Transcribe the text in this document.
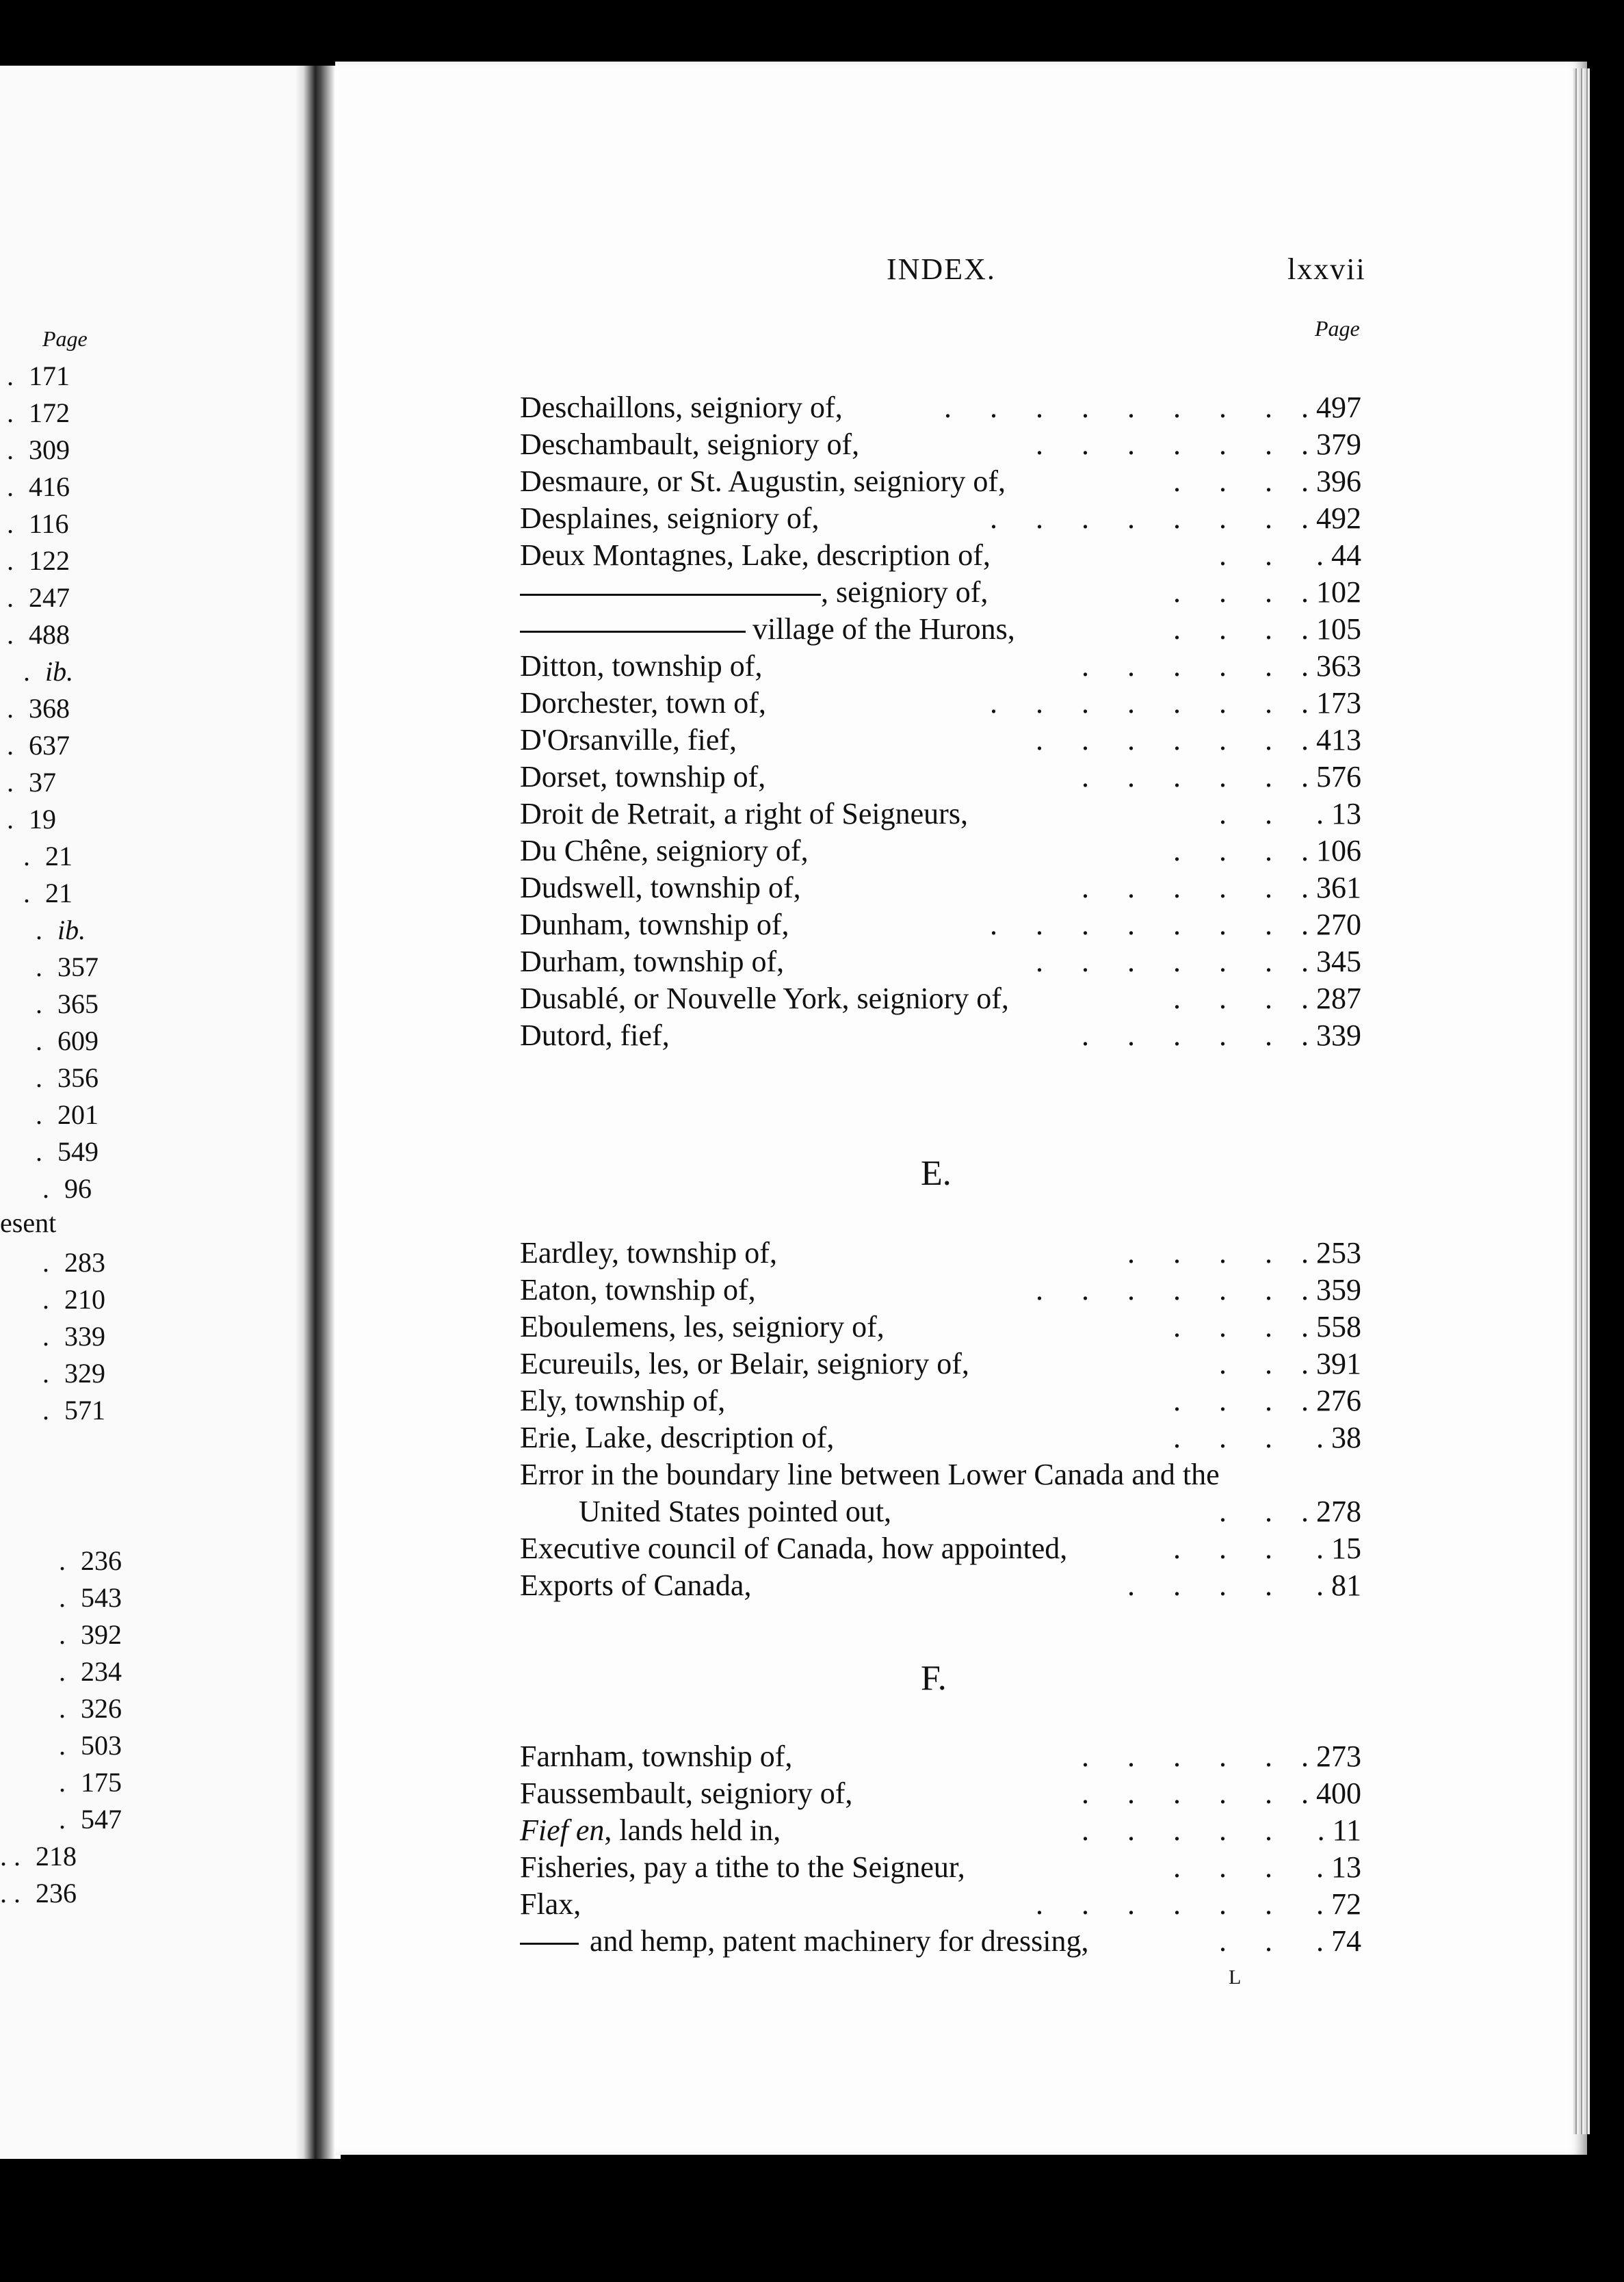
Page
. 171
. 172
. 309
. 416
. 116
. 122
. 247
. 488
. ib.
. 368
. 637
. 37
. 19
. 21
. 21
. ib.
. 357
. 365
. 609
. 356
. 201
. 549
. 96
. 283
. 210
. 339
. 329
. 571
. 236
. 543
. 392
. 234
. 326
. 503
. 175
. 547
. . 218
. . 236
esent
INDEX.	lxxvii
Page
Deschaillons, seigniory of,	. . . . . . . .	. 497
Deschambault, seigniory of,	. . . . . .	. 379
Desmaure, or St. Augustin, seigniory of,	. . .	. 396
Desplaines, seigniory of,	. . . . . . .	. 492
Deux Montagnes, Lake, description of,	. .	. 44
, seigniory of,	. . .	. 102
village of the Hurons,	. . .	. 105
Ditton, township of,	. . . . .	. 363
Dorchester, town of,	. . . . . . .	. 173
D'Orsanville, fief,	. . . . . .	. 413
Dorset, township of,	. . . . .	. 576
Droit de Retrait, a right of Seigneurs,	. .	. 13
Du Chêne, seigniory of,	. . .	. 106
Dudswell, township of,	. . . . .	. 361
Dunham, township of,	. . . . . . .	. 270
Durham, township of,	. . . . . .	. 345
Dusablé, or Nouvelle York, seigniory of,	. . .	. 287
Dutord, fief,	. . . . .	. 339
Eardley, township of,	. . . .	. 253
Eaton, township of,	. . . . . .	. 359
Eboulemens, les, seigniory of,	. . .	. 558
Ecureuils, les, or Belair, seigniory of,	. .	. 391
Ely, township of,	. . .	. 276
Erie, Lake, description of,	. . .	. 38
Error in the boundary line between Lower Canada and the
United States pointed out,	. .	. 278
Executive council of Canada, how appointed,	. . .	. 15
Exports of Canada,	. . . .	. 81
Farnham, township of,	. . . . .	. 273
Faussembault, seigniory of,	. . . . .	. 400
Fief en, lands held in,	. . . . .	. 11
Fisheries, pay a tithe to the Seigneur,	. . .	. 13
Flax,	. . . . . .	. 72
and hemp, patent machinery for dressing,	. .	. 74
E.
F.
L
